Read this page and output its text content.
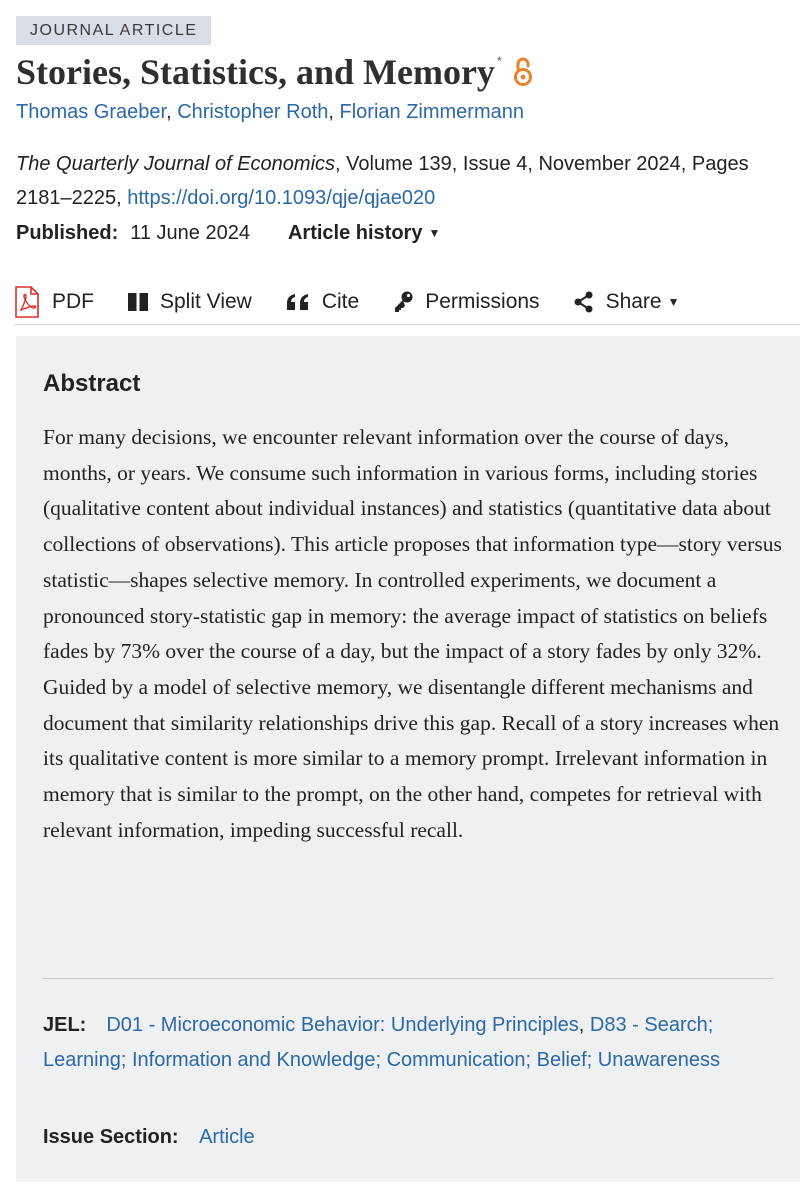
JOURNAL ARTICLE
Stories, Statistics, and Memory *
Thomas Graeber, Christopher Roth, Florian Zimmermann
The Quarterly Journal of Economics, Volume 139, Issue 4, November 2024, Pages 2181–2225, https://doi.org/10.1093/qje/qjae020
Published: 11 June 2024 Article history ▼
PDF	Split View	Cite	Permissions	Share ▼
Abstract

For many decisions, we encounter relevant information over the course of days, months, or years. We consume such information in various forms, including stories (qualitative content about individual instances) and statistics (quantitative data about collections of observations). This article proposes that information type—story versus statistic—shapes selective memory. In controlled experiments, we document a pronounced story-statistic gap in memory: the average impact of statistics on beliefs fades by 73% over the course of a day, but the impact of a story fades by only 32%. Guided by a model of selective memory, we disentangle different mechanisms and document that similarity relationships drive this gap. Recall of a story increases when its qualitative content is more similar to a memory prompt. Irrelevant information in memory that is similar to the prompt, on the other hand, competes for retrieval with relevant information, impeding successful recall.

JEL: D01 - Microeconomic Behavior: Underlying Principles, D83 - Search; Learning; Information and Knowledge; Communication; Belief; Unawareness
Issue Section: Article
